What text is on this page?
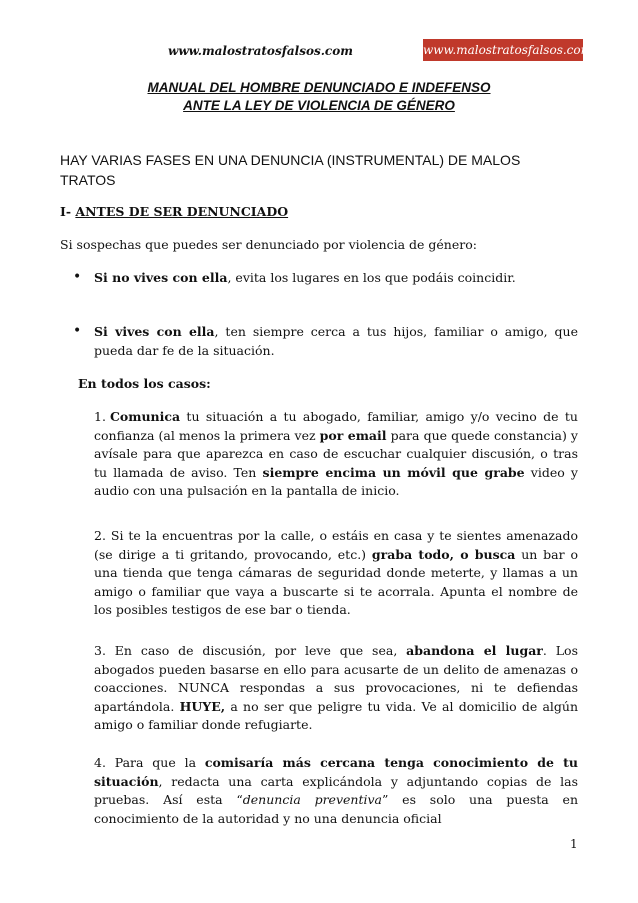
www.malostratosfalsos.com	www.malostratosfalsos.com
MANUAL DEL HOMBRE DENUNCIADO E INDEFENSO
ANTE LA LEY DE VIOLENCIA DE GÉNERO
HAY VARIAS FASES EN UNA DENUNCIA (INSTRUMENTAL) DE MALOS TRATOS
I- ANTES DE SER DENUNCIADO
Si sospechas que puedes ser denunciado por violencia de género:
• Si no vives con ella, evita los lugares en los que podáis coincidir.
• Si vives con ella, ten siempre cerca a tus hijos, familiar o amigo, que pueda dar fe de la situación.
En todos los casos:
1. Comunica tu situación a tu abogado, familiar, amigo y/o vecino de tu confianza (al menos la primera vez por email para que quede constancia) y avísale para que aparezca en caso de escuchar cualquier discusión, o tras tu llamada de aviso. Ten siempre encima un móvil que grabe video y audio con una pulsación en la pantalla de inicio.
2. Si te la encuentras por la calle, o estáis en casa y te sientes amenazado (se dirige a ti gritando, provocando, etc.) graba todo, o busca un bar o una tienda que tenga cámaras de seguridad donde meterte, y llamas a un amigo o familiar que vaya a buscarte si te acorrala. Apunta el nombre de los posibles testigos de ese bar o tienda.
3. En caso de discusión, por leve que sea, abandona el lugar. Los abogados pueden basarse en ello para acusarte de un delito de amenazas o coacciones. NUNCA respondas a sus provocaciones, ni te defiendas apartándola. HUYE, a no ser que peligre tu vida. Ve al domicilio de algún amigo o familiar donde refugiarte.
4. Para que la comisaría más cercana tenga conocimiento de tu situación, redacta una carta explicándola y adjuntando copias de las pruebas. Así esta “denuncia preventiva” es solo una puesta en conocimiento de la autoridad y no una denuncia oficial
1
